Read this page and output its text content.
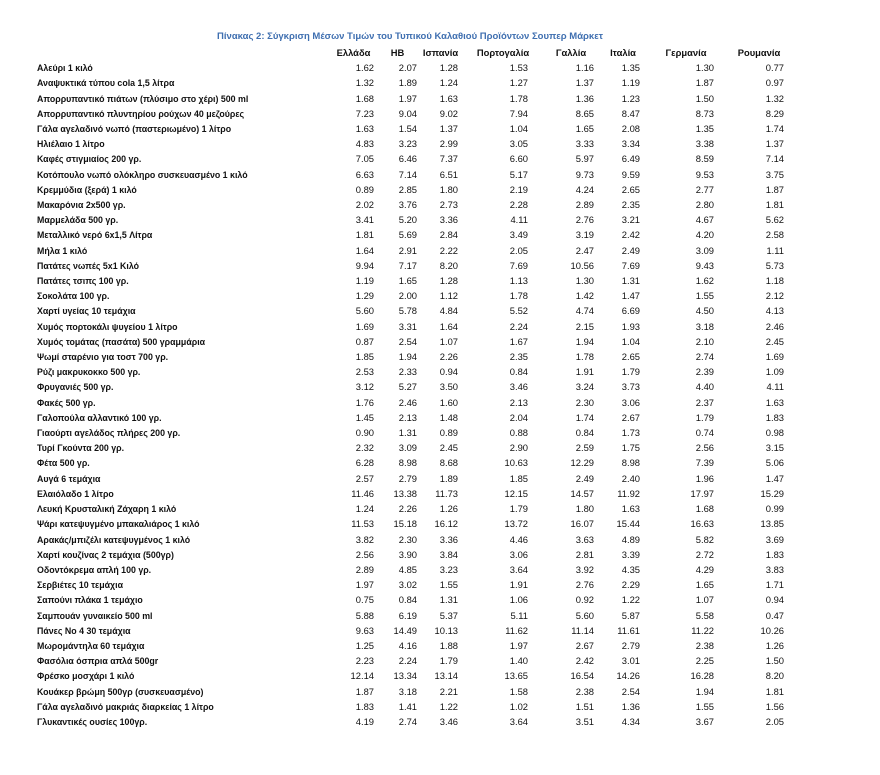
Πίνακας 2: Σύγκριση Μέσων Τιμών του Τυπικού Καλαθιού Προϊόντων Σουπερ Μάρκετ
	Ελλάδα	ΗΒ	Ισπανία	Πορτογαλία	Γαλλία	Ιταλία	Γερμανία	Ρουμανία
Αλεύρι 1 κιλό	1.62	2.07	1.28	1.53	1.16	1.35	1.30	0.77
Αναψυκτικά τύπου cola 1,5 λίτρα	1.32	1.89	1.24	1.27	1.37	1.19	1.87	0.97
Απορρυπαντικό πιάτων (πλύσιμο στο χέρι) 500 ml	1.68	1.97	1.63	1.78	1.36	1.23	1.50	1.32
Απορρυπαντικό πλυντηρίου ρούχων 40 μεζούρες	7.23	9.04	9.02	7.94	8.65	8.47	8.73	8.29
Γάλα αγελαδινό νωπό (παστεριωμένο) 1 λίτρο	1.63	1.54	1.37	1.04	1.65	2.08	1.35	1.74
Ηλιέλαιο 1 λίτρο	4.83	3.23	2.99	3.05	3.33	3.34	3.38	1.37
Καφές στιγμιαίος 200 γρ.	7.05	6.46	7.37	6.60	5.97	6.49	8.59	7.14
Κοτόπουλο νωπό ολόκληρο συσκευασμένο 1 κιλό	6.63	7.14	6.51	5.17	9.73	9.59	9.53	3.75
Κρεμμύδια (ξερά) 1 κιλό	0.89	2.85	1.80	2.19	4.24	2.65	2.77	1.87
Μακαρόνια 2x500 γρ.	2.02	3.76	2.73	2.28	2.89	2.35	2.80	1.81
Μαρμελάδα 500 γρ.	3.41	5.20	3.36	4.11	2.76	3.21	4.67	5.62
Μεταλλικό νερό 6x1,5 Λίτρα	1.81	5.69	2.84	3.49	3.19	2.42	4.20	2.58
Μήλα 1 κιλό	1.64	2.91	2.22	2.05	2.47	2.49	3.09	1.11
Πατάτες νωπές 5x1 Κιλό	9.94	7.17	8.20	7.69	10.56	7.69	9.43	5.73
Πατάτες τσιπς 100 γρ.	1.19	1.65	1.28	1.13	1.30	1.31	1.62	1.18
Σοκολάτα 100 γρ.	1.29	2.00	1.12	1.78	1.42	1.47	1.55	2.12
Χαρτί υγείας 10 τεμάχια	5.60	5.78	4.84	5.52	4.74	6.69	4.50	4.13
Χυμός πορτοκάλι ψυγείου 1 λίτρο	1.69	3.31	1.64	2.24	2.15	1.93	3.18	2.46
Χυμός τομάτας (πασάτα) 500 γραμμάρια	0.87	2.54	1.07	1.67	1.94	1.04	2.10	2.45
Ψωμί σταρένιο για τοστ 700 γρ.	1.85	1.94	2.26	2.35	1.78	2.65	2.74	1.69
Ρύζι μακρυκοκκο 500 γρ.	2.53	2.33	0.94	0.84	1.91	1.79	2.39	1.09
Φρυγανιές 500 γρ.	3.12	5.27	3.50	3.46	3.24	3.73	4.40	4.11
Φακές 500 γρ.	1.76	2.46	1.60	2.13	2.30	3.06	2.37	1.63
Γαλοπούλα αλλαντικό 100 γρ.	1.45	2.13	1.48	2.04	1.74	2.67	1.79	1.83
Γιαούρτι αγελάδος πλήρες 200 γρ.	0.90	1.31	0.89	0.88	0.84	1.73	0.74	0.98
Τυρί Γκούντα 200 γρ.	2.32	3.09	2.45	2.90	2.59	1.75	2.56	3.15
Φέτα 500 γρ.	6.28	8.98	8.68	10.63	12.29	8.98	7.39	5.06
Αυγά 6 τεμάχια	2.57	2.79	1.89	1.85	2.49	2.40	1.96	1.47
Ελαιόλαδο 1 λίτρο	11.46	13.38	11.73	12.15	14.57	11.92	17.97	15.29
Λευκή Κρυσταλική Ζάχαρη 1 κιλό	1.24	2.26	1.26	1.79	1.80	1.63	1.68	0.99
Ψάρι κατεψυγμένο μπακαλιάρος 1 κιλό	11.53	15.18	16.12	13.72	16.07	15.44	16.63	13.85
Αρακάς/μπιζέλι κατεψυγμένος 1 κιλό	3.82	2.30	3.36	4.46	3.63	4.89	5.82	3.69
Χαρτί κουζίνας 2 τεμάχια (500γρ)	2.56	3.90	3.84	3.06	2.81	3.39	2.72	1.83
Οδοντόκρεμα απλή 100 γρ.	2.89	4.85	3.23	3.64	3.92	4.35	4.29	3.83
Σερβιέτες 10 τεμάχια	1.97	3.02	1.55	1.91	2.76	2.29	1.65	1.71
Σαπούνι πλάκα 1 τεμάχιο	0.75	0.84	1.31	1.06	0.92	1.22	1.07	0.94
Σαμπουάν γυναικείο 500 ml	5.88	6.19	5.37	5.11	5.60	5.87	5.58	0.47
Πάνες Νο 4 30 τεμάχια	9.63	14.49	10.13	11.62	11.14	11.61	11.22	10.26
Μωρομάντηλα 60 τεμάχια	1.25	4.16	1.88	1.97	2.67	2.79	2.38	1.26
Φασόλια όσπρια απλά 500gr	2.23	2.24	1.79	1.40	2.42	3.01	2.25	1.50
Φρέσκο μοσχάρι 1 κιλό	12.14	13.34	13.14	13.65	16.54	14.26	16.28	8.20
Κουάκερ βρώμη 500γρ (συσκευασμένο)	1.87	3.18	2.21	1.58	2.38	2.54	1.94	1.81
Γάλα αγελαδινό μακριάς διαρκείας 1 λίτρο	1.83	1.41	1.22	1.02	1.51	1.36	1.55	1.56
Γλυκαντικές ουσίες 100γρ.	4.19	2.74	3.46	3.64	3.51	4.34	3.67	2.05
